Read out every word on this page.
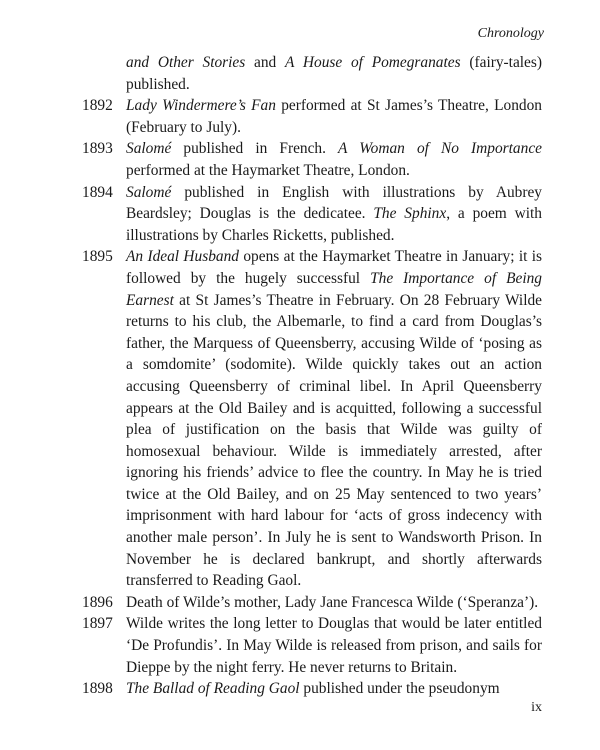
Chronology
and Other Stories and A House of Pomegranates (fairy-tales) published.
1892 Lady Windermere’s Fan performed at St James’s Theatre, London (February to July).
1893 Salomé published in French. A Woman of No Importance performed at the Haymarket Theatre, London.
1894 Salomé published in English with illustrations by Aubrey Beardsley; Douglas is the dedicatee. The Sphinx, a poem with illustrations by Charles Ricketts, published.
1895 An Ideal Husband opens at the Haymarket Theatre in January; it is followed by the hugely successful The Importance of Being Earnest at St James’s Theatre in February. On 28 February Wilde returns to his club, the Albemarle, to find a card from Douglas’s father, the Marquess of Queensberry, accusing Wilde of ‘posing as a somdomite’ (sodomite). Wilde quickly takes out an action accusing Queensberry of criminal libel. In April Queensberry appears at the Old Bailey and is acquitted, following a successful plea of justification on the basis that Wilde was guilty of homosexual behaviour. Wilde is immediately arrested, after ignoring his friends’ advice to flee the country. In May he is tried twice at the Old Bailey, and on 25 May sentenced to two years’ imprisonment with hard labour for ‘acts of gross indecency with another male person’. In July he is sent to Wandsworth Prison. In November he is declared bankrupt, and shortly afterwards transferred to Reading Gaol.
1896 Death of Wilde’s mother, Lady Jane Francesca Wilde (‘Speranza’).
1897 Wilde writes the long letter to Douglas that would be later entitled ‘De Profundis’. In May Wilde is released from prison, and sails for Dieppe by the night ferry. He never returns to Britain.
1898 The Ballad of Reading Gaol published under the pseudonym
ix
